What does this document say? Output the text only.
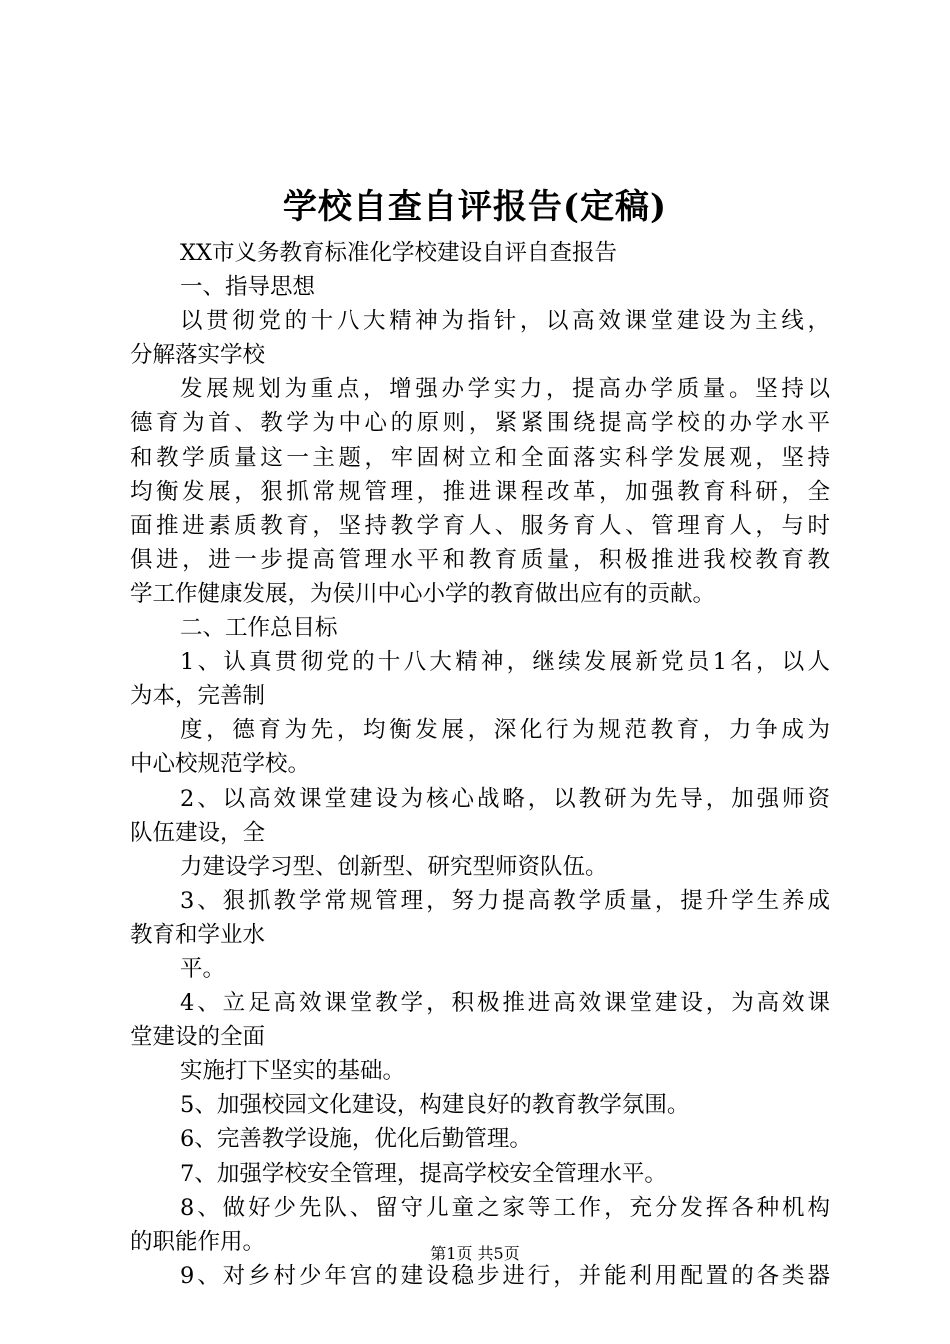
学校自查自评报告(定稿)
XX市义务教育标准化学校建设自评自查报告
一、指导思想
以贯彻党的十八大精神为指针，以高效课堂建设为主线，
分解落实学校
发展规划为重点，增强办学实力，提高办学质量。坚持以
德育为首、教学为中心的原则，紧紧围绕提高学校的办学水平
和教学质量这一主题，牢固树立和全面落实科学发展观，坚持
均衡发展，狠抓常规管理，推进课程改革，加强教育科研，全
面推进素质教育，坚持教学育人、服务育人、管理育人，与时
俱进，进一步提高管理水平和教育质量，积极推进我校教育教
学工作健康发展，为侯川中心小学的教育做出应有的贡献。
二、工作总目标
1、认真贯彻党的十八大精神，继续发展新党员1名，以人
为本，完善制
度，德育为先，均衡发展，深化行为规范教育，力争成为
中心校规范学校。
2、以高效课堂建设为核心战略，以教研为先导，加强师资
队伍建设，全
力建设学习型、创新型、研究型师资队伍。
3、狠抓教学常规管理，努力提高教学质量，提升学生养成
教育和学业水
平。
4、立足高效课堂教学，积极推进高效课堂建设，为高效课
堂建设的全面
实施打下坚实的基础。
5、加强校园文化建设，构建良好的教育教学氛围。
6、完善教学设施，优化后勤管理。
7、加强学校安全管理，提高学校安全管理水平。
8、做好少先队、留守儿童之家等工作，充分发挥各种机构
的职能作用。
9、对乡村少年宫的建设稳步进行，并能利用配置的各类器
第1页 共5页
